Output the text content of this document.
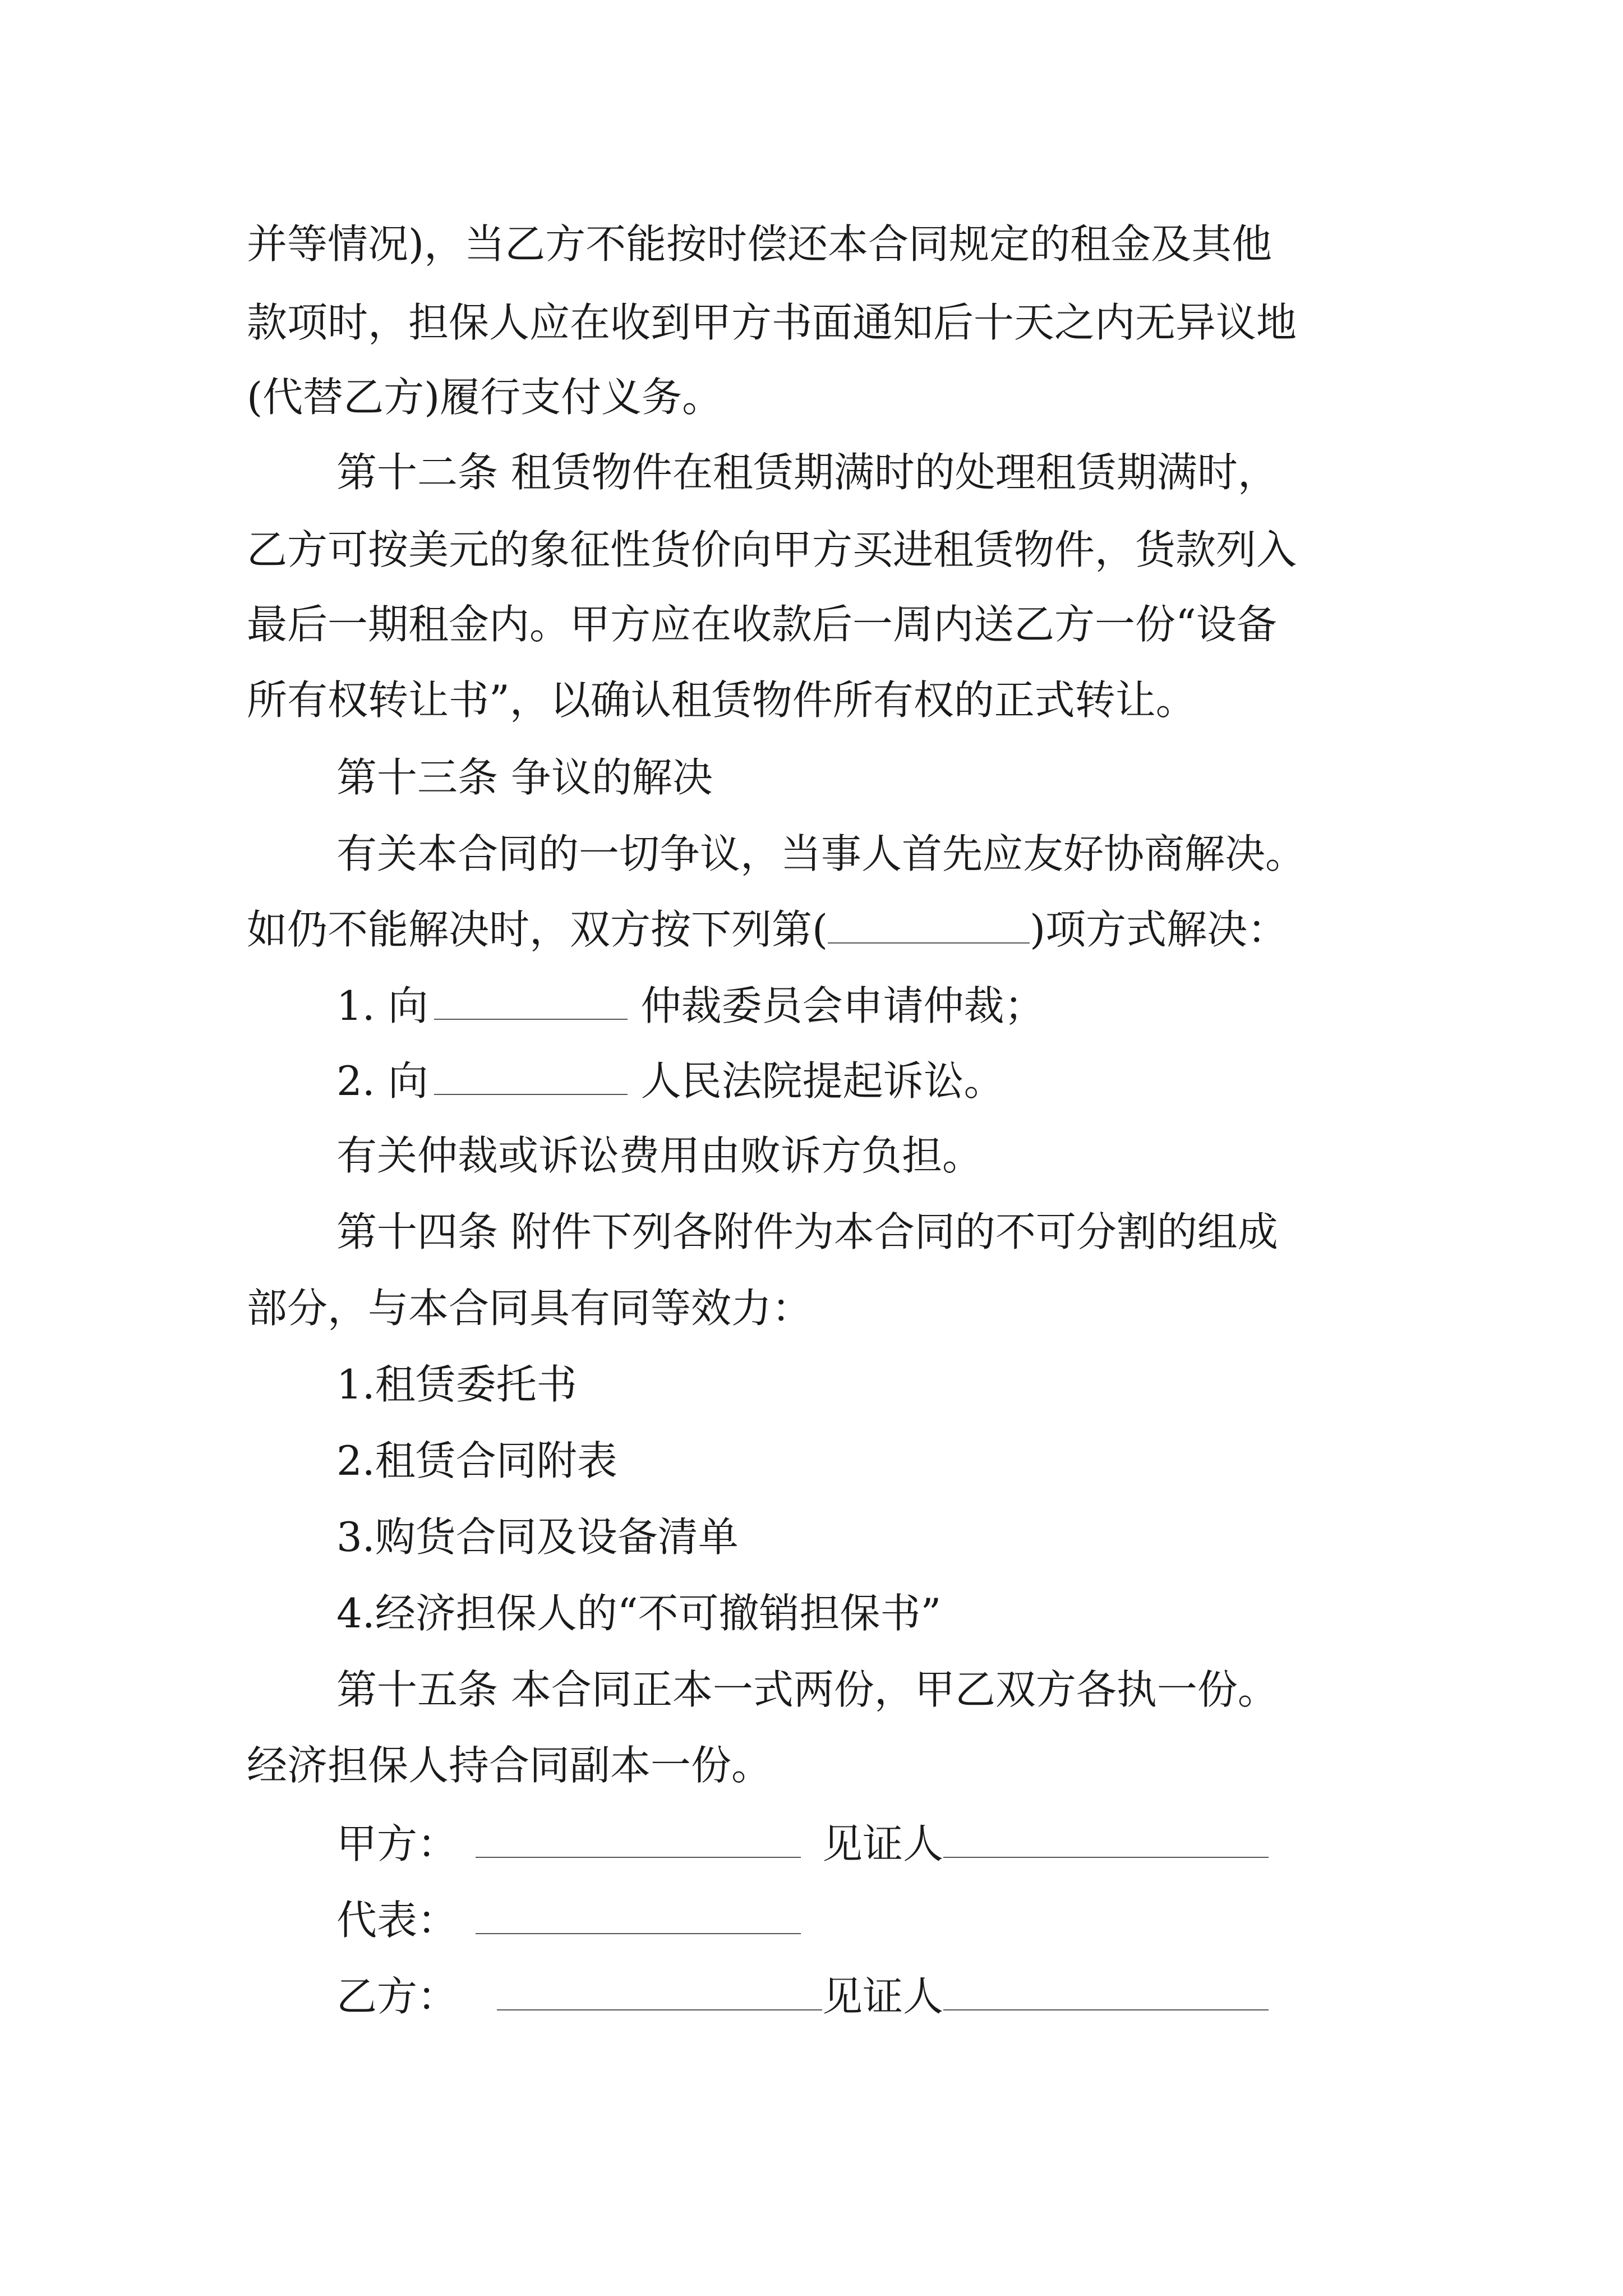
并等情况)，当乙方不能按时偿还本合同规定的租金及其他
款项时，担保人应在收到甲方书面通知后十天之内无异议地
(代替乙方)履行支付义务。
第十二条 租赁物件在租赁期满时的处理租赁期满时，
乙方可按美元的象征性货价向甲方买进租赁物件，货款列入
最后一期租金内。甲方应在收款后一周内送乙方一份“设备
所有权转让书”，以确认租赁物件所有权的正式转让。
第十三条 争议的解决
有关本合同的一切争议，当事人首先应友好协商解决。
如仍不能解决时，双方按下列第(	)项方式解决：
1. 向	仲裁委员会申请仲裁；
2. 向	人民法院提起诉讼。
有关仲裁或诉讼费用由败诉方负担。
第十四条 附件下列各附件为本合同的不可分割的组成
部分，与本合同具有同等效力：
1.租赁委托书
2.租赁合同附表
3.购货合同及设备清单
4.经济担保人的“不可撤销担保书”
第十五条 本合同正本一式两份，甲乙双方各执一份。
经济担保人持合同副本一份。
甲方：	见证人
代表：
乙方：	见证人
